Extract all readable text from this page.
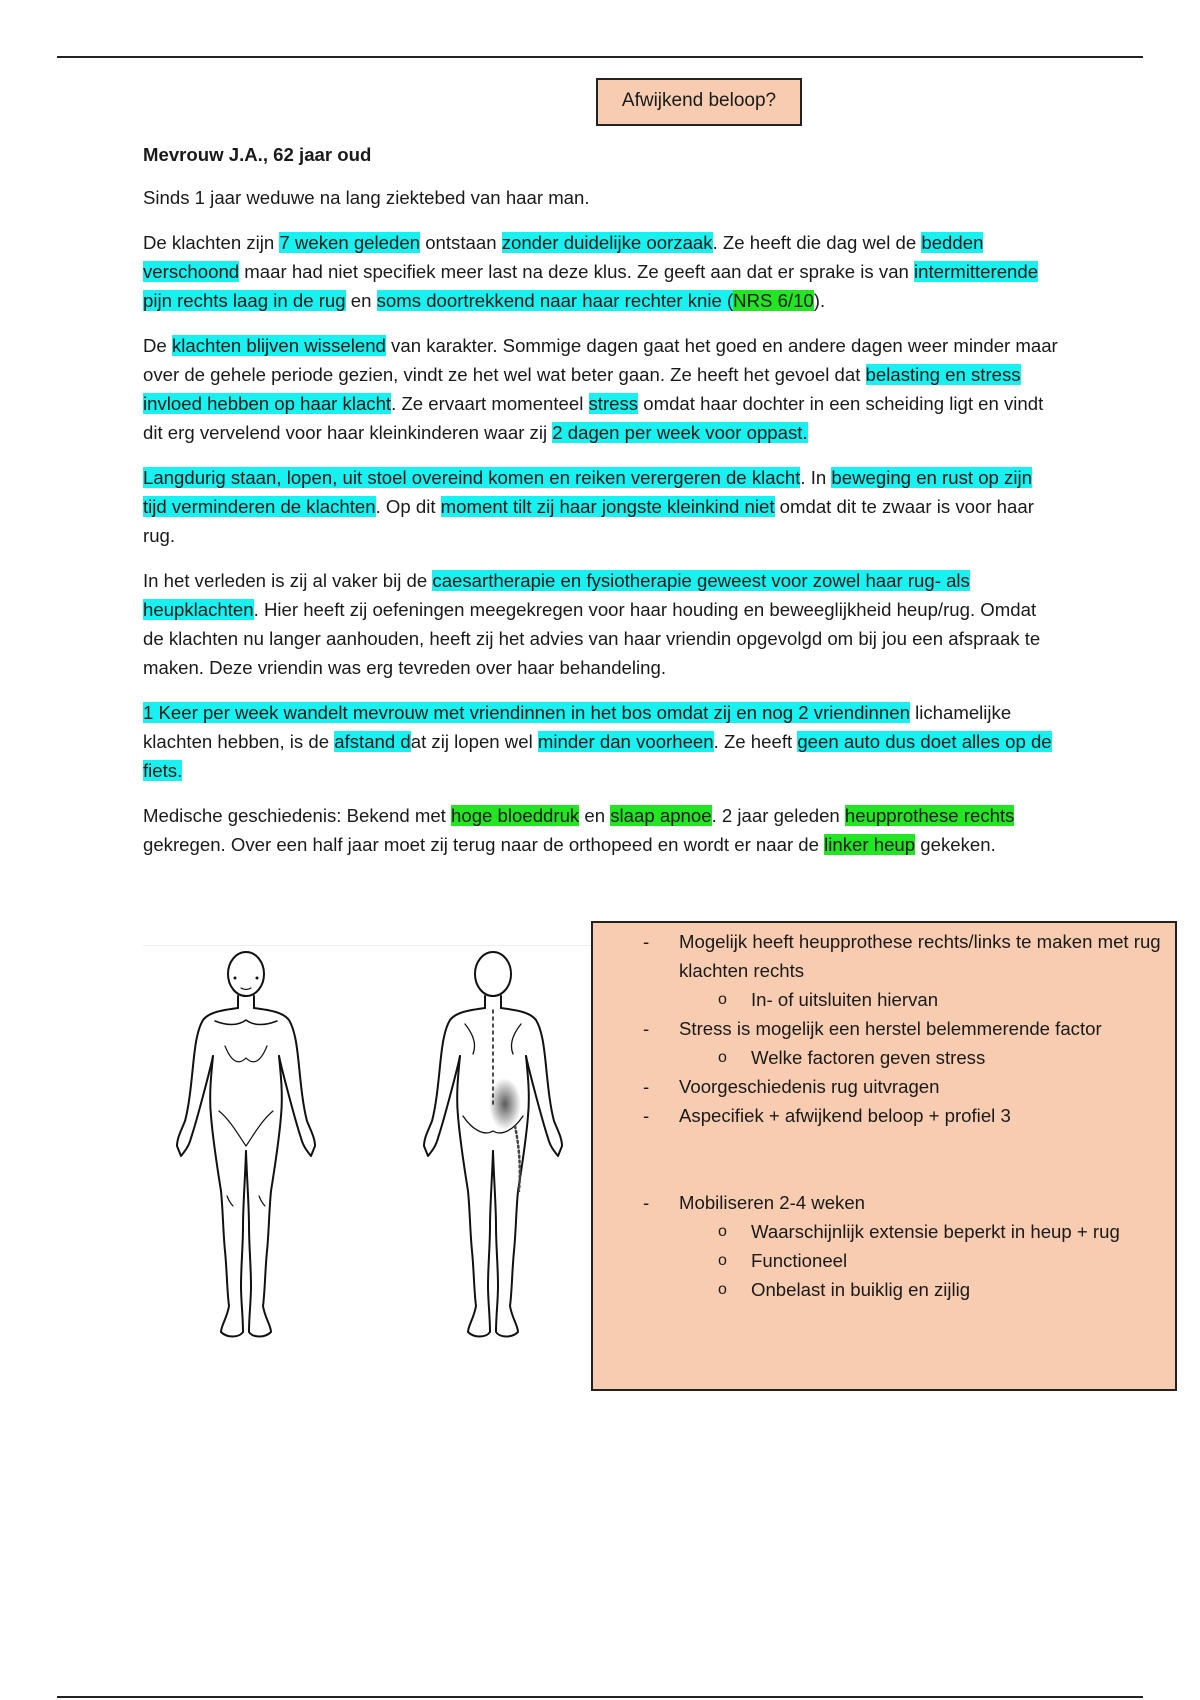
Afwijkend beloop?

Mevrouw J.A., 62 jaar oud

Sinds 1 jaar weduwe na lang ziektebed van haar man.

De klachten zijn 7 weken geleden ontstaan zonder duidelijke oorzaak. Ze heeft die dag wel de bedden verschoond maar had niet specifiek meer last na deze klus. Ze geeft aan dat er sprake is van intermitterende pijn rechts laag in de rug en soms doortrekkend naar haar rechter knie (NRS 6/10).

De klachten blijven wisselend van karakter. Sommige dagen gaat het goed en andere dagen weer minder maar over de gehele periode gezien, vindt ze het wel wat beter gaan. Ze heeft het gevoel dat belasting en stress invloed hebben op haar klacht. Ze ervaart momenteel stress omdat haar dochter in een scheiding ligt en vindt dit erg vervelend voor haar kleinkinderen waar zij 2 dagen per week voor oppast.

Langdurig staan, lopen, uit stoel overeind komen en reiken verergeren de klacht. In beweging en rust op zijn tijd verminderen de klachten. Op dit moment tilt zij haar jongste kleinkind niet omdat dit te zwaar is voor haar rug.

In het verleden is zij al vaker bij de caesartherapie en fysiotherapie geweest voor zowel haar rug- als heupklachten. Hier heeft zij oefeningen meegekregen voor haar houding en beweeglijkheid heup/rug. Omdat de klachten nu langer aanhouden, heeft zij het advies van haar vriendin opgevolgd om bij jou een afspraak te maken. Deze vriendin was erg tevreden over haar behandeling.

1 Keer per week wandelt mevrouw met vriendinnen in het bos omdat zij en nog 2 vriendinnen lichamelijke klachten hebben, is de afstand dat zij lopen wel minder dan voorheen. Ze heeft geen auto dus doet alles op de fiets.

Medische geschiedenis: Bekend met hoge bloeddruk en slaap apnoe. 2 jaar geleden heupprothese rechts gekregen. Over een half jaar moet zij terug naar de orthopeed en wordt er naar de linker heup gekeken.

- Mogelijk heeft heupprothese rechts/links te maken met rug klachten rechts
o In- of uitsluiten hiervan
- Stress is mogelijk een herstel belemmerende factor
o Welke factoren geven stress
- Voorgeschiedenis rug uitvragen
- Aspecifiek + afwijkend beloop + profiel 3
- Mobiliseren 2-4 weken
o Waarschijnlijk extensie beperkt in heup + rug
o Functioneel
o Onbelast in buiklig en zijlig
